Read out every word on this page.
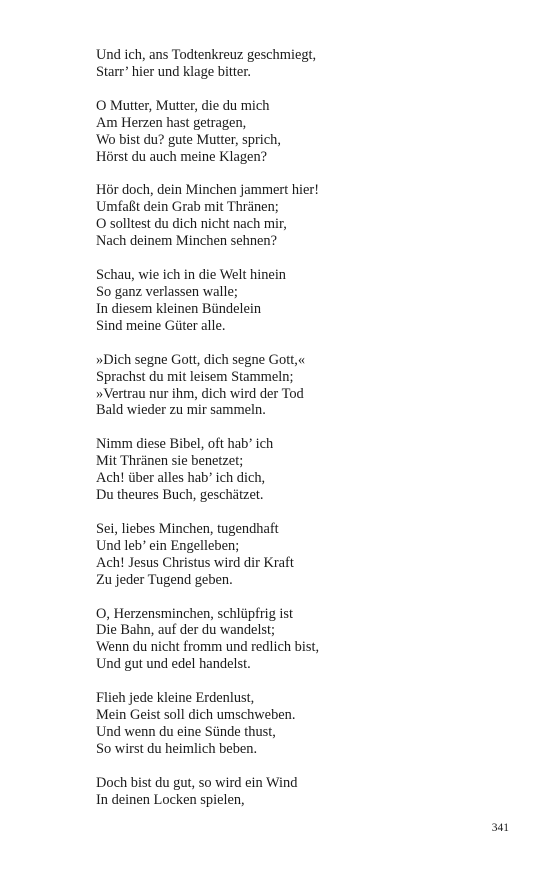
Und ich, ans Todtenkreuz geschmiegt,
Starr’ hier und klage bitter.
O Mutter, Mutter, die du mich
Am Herzen hast getragen,
Wo bist du? gute Mutter, sprich,
Hörst du auch meine Klagen?
Hör doch, dein Minchen jammert hier!
Umfaßt dein Grab mit Thränen;
O solltest du dich nicht nach mir,
Nach deinem Minchen sehnen?
Schau, wie ich in die Welt hinein
So ganz verlassen walle;
In diesem kleinen Bündelein
Sind meine Güter alle.
»Dich segne Gott, dich segne Gott,«
Sprachst du mit leisem Stammeln;
»Vertrau nur ihm, dich wird der Tod
Bald wieder zu mir sammeln.
Nimm diese Bibel, oft hab’ ich
Mit Thränen sie benetzet;
Ach! über alles hab’ ich dich,
Du theures Buch, geschätzet.
Sei, liebes Minchen, tugendhaft
Und leb’ ein Engelleben;
Ach! Jesus Christus wird dir Kraft
Zu jeder Tugend geben.
O, Herzensminchen, schlüpfrig ist
Die Bahn, auf der du wandelst;
Wenn du nicht fromm und redlich bist,
Und gut und edel handelst.
Flieh jede kleine Erdenlust,
Mein Geist soll dich umschweben.
Und wenn du eine Sünde thust,
So wirst du heimlich beben.
Doch bist du gut, so wird ein Wind
In deinen Locken spielen,
341
